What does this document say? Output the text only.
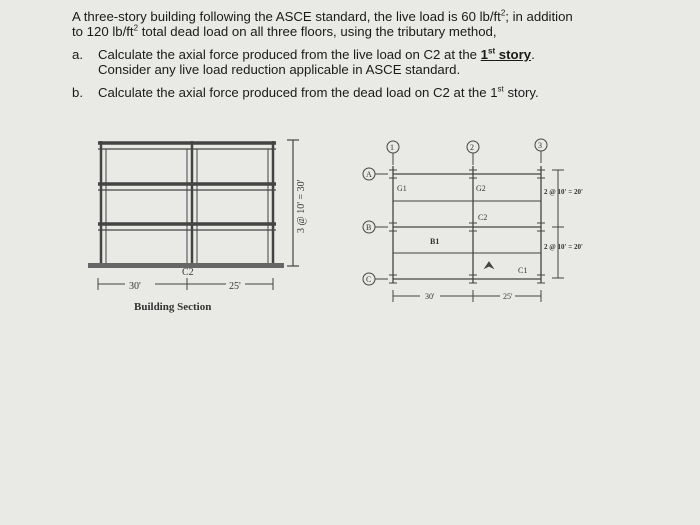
A three-story building following the ASCE standard, the live load is 60 $lb/ft^2$; in addition
to 120 $lb/ft^2$ total dead load on all three floors, using the tributary method,

a. Calculate the axial force produced from the live load on C2 at the 1st story.
Consider any live load reduction applicable in ASCE standard.
b. Calculate the axial force produced from the dead load on C2 at the 1st story.
C2
30'	25'
Building Section
3 @ 10' = 30'
1	2	3
A
B
C
G1	G2
C2
C1
B1
2 @ 10' = 20'
2 @ 10' = 20'
30'	25'
